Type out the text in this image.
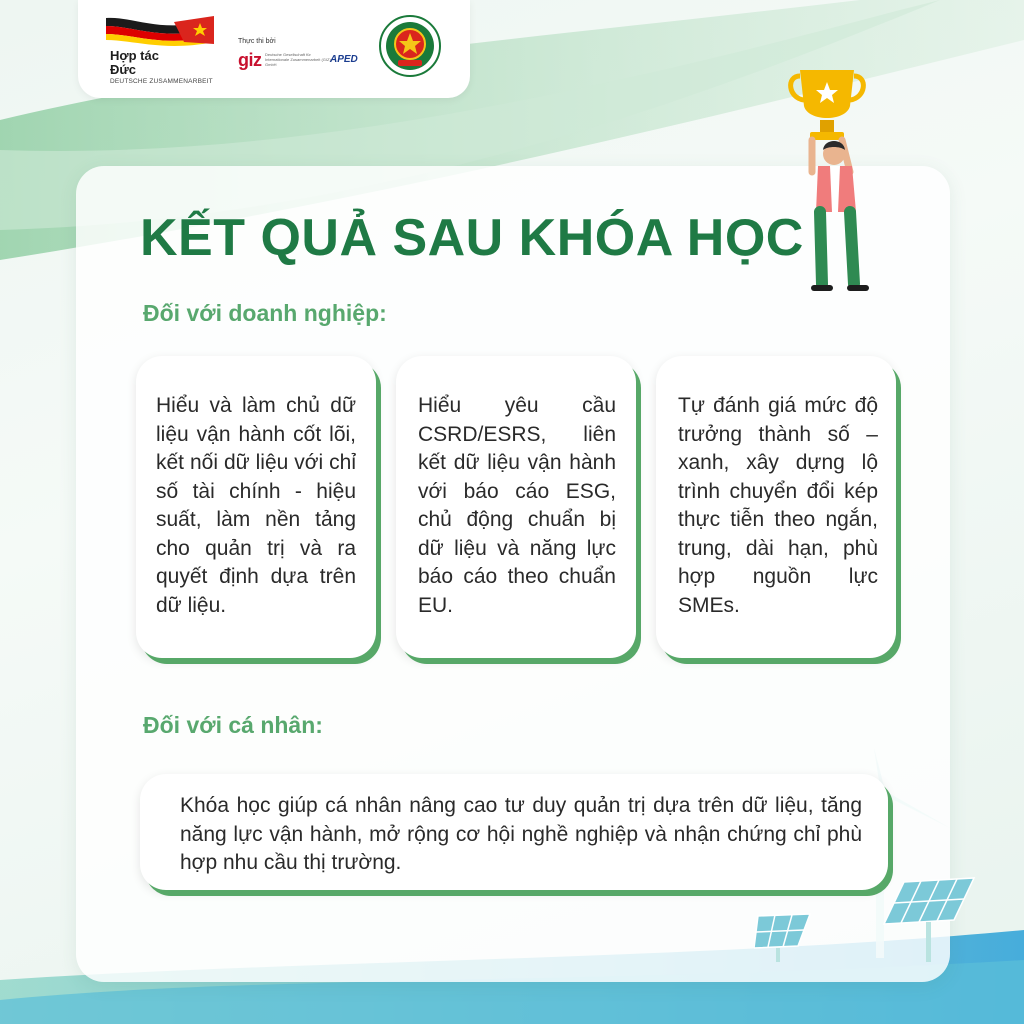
Hợp tác
Đức
DEUTSCHE ZUSAMMENARBEIT
Thực thi bởi
giz Deutsche Gesellschaft für Internationale Zusammenarbeit (GIZ) GmbH	APED
KẾT QUẢ SAU KHÓA HỌC
Đối với doanh nghiệp:

Hiểu và làm chủ dữ liệu vận hành cốt lõi, kết nối dữ liệu với chỉ số tài chính - hiệu suất, làm nền tảng cho quản trị và ra quyết định dựa trên dữ liệu.

Hiểu yêu cầu CSRD/ESRS, liên kết dữ liệu vận hành với báo cáo ESG, chủ động chuẩn bị dữ liệu và năng lực báo cáo theo chuẩn EU.

Tự đánh giá mức độ trưởng thành số – xanh, xây dựng lộ trình chuyển đổi kép thực tiễn theo ngắn, trung, dài hạn, phù hợp nguồn lực SMEs.

Đối với cá nhân:

Khóa học giúp cá nhân nâng cao tư duy quản trị dựa trên dữ liệu, tăng năng lực vận hành, mở rộng cơ hội nghề nghiệp và nhận chứng chỉ phù hợp nhu cầu thị trường.
